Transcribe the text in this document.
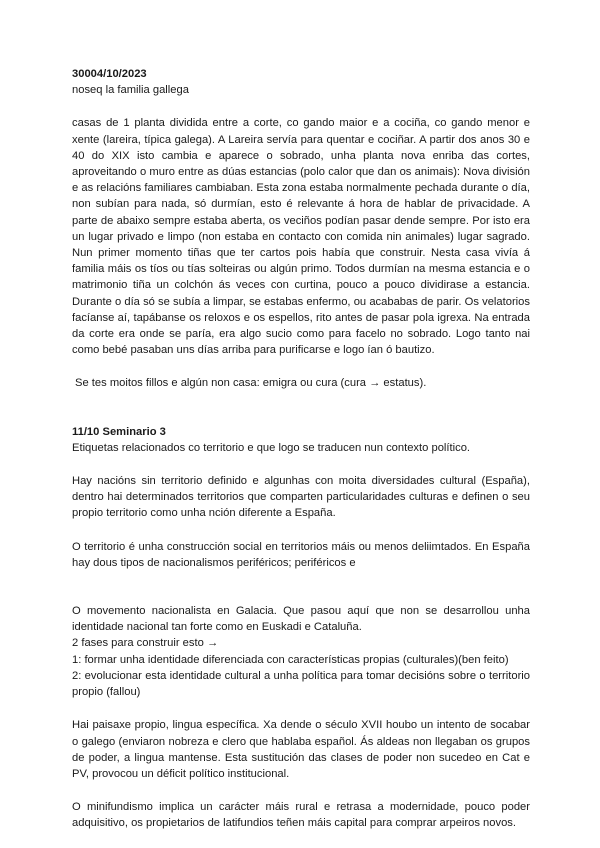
30004/10/2023

noseq la familia gallega

casas de 1 planta dividida entre a corte, co gando maior e a cociña, co gando menor e xente (lareira, típica galega). A Lareira servía para quentar e cociñar. A partir dos anos 30 e 40 do XIX isto cambia e aparece o sobrado, unha planta nova enriba das cortes, aproveitando o muro entre as dúas estancias (polo calor que dan os animais): Nova división e as relacións familiares cambiaban. Esta zona estaba normalmente pechada durante o día, non subían para nada, só durmían, esto é relevante á hora de hablar de privacidade. A parte de abaixo sempre estaba aberta, os veciños podían pasar dende sempre. Por isto era un lugar privado e limpo (non estaba en contacto con comida nin animales) lugar sagrado. Nun primer momento tiñas que ter cartos pois había que construir. Nesta casa vivía á familia máis os tíos ou tías solteiras ou algún primo. Todos durmían na mesma estancia e o matrimonio tiña un colchón ás veces con curtina, pouco a pouco dividirase a estancia. Durante o día só se subía a limpar, se estabas enfermo, ou acababas de parir. Os velatorios facíanse aí, tapábanse os reloxos e os espellos, rito antes de pasar pola igrexa. Na entrada da corte era onde se paría, era algo sucio como para facelo no sobrado. Logo tanto nai como bebé pasaban uns días arriba para purificarse e logo ían ó bautizo.

Se tes moitos fillos e algún non casa: emigra ou cura (cura → estatus).

11/10 Seminario 3

Etiquetas relacionados co territorio e que logo se traducen nun contexto político.

Hay nacións sin territorio definido e algunhas con moita diversidades cultural (España), dentro hai determinados territorios que comparten particularidades culturas e definen o seu propio territorio como unha nción diferente a España.

O territorio é unha construcción social en territorios máis ou menos deliimtados. En España hay dous tipos de nacionalismos periféricos; periféricos e

O movemento nacionalista en Galacia. Que pasou aquí que non se desarrollou unha identidade nacional tan forte como en Euskadi e Cataluña.

2 fases para construir esto →

1: formar unha identidade diferenciada con características propias (culturales)(ben feito)

2: evolucionar esta identidade cultural a unha política para tomar decisións sobre o territorio propio (fallou)

Hai paisaxe propio, lingua específica. Xa dende o século XVII houbo un intento de socabar o galego (enviaron nobreza e clero que hablaba español. Ás aldeas non llegaban os grupos de poder, a lingua mantense. Esta sustitución das clases de poder non sucedeo en Cat e PV, provocou un déficit político institucional.

O minifundismo implica un carácter máis rural e retrasa a modernidade, pouco poder adquisitivo, os propietarios de latifundios teñen máis capital para comprar arpeiros novos.
